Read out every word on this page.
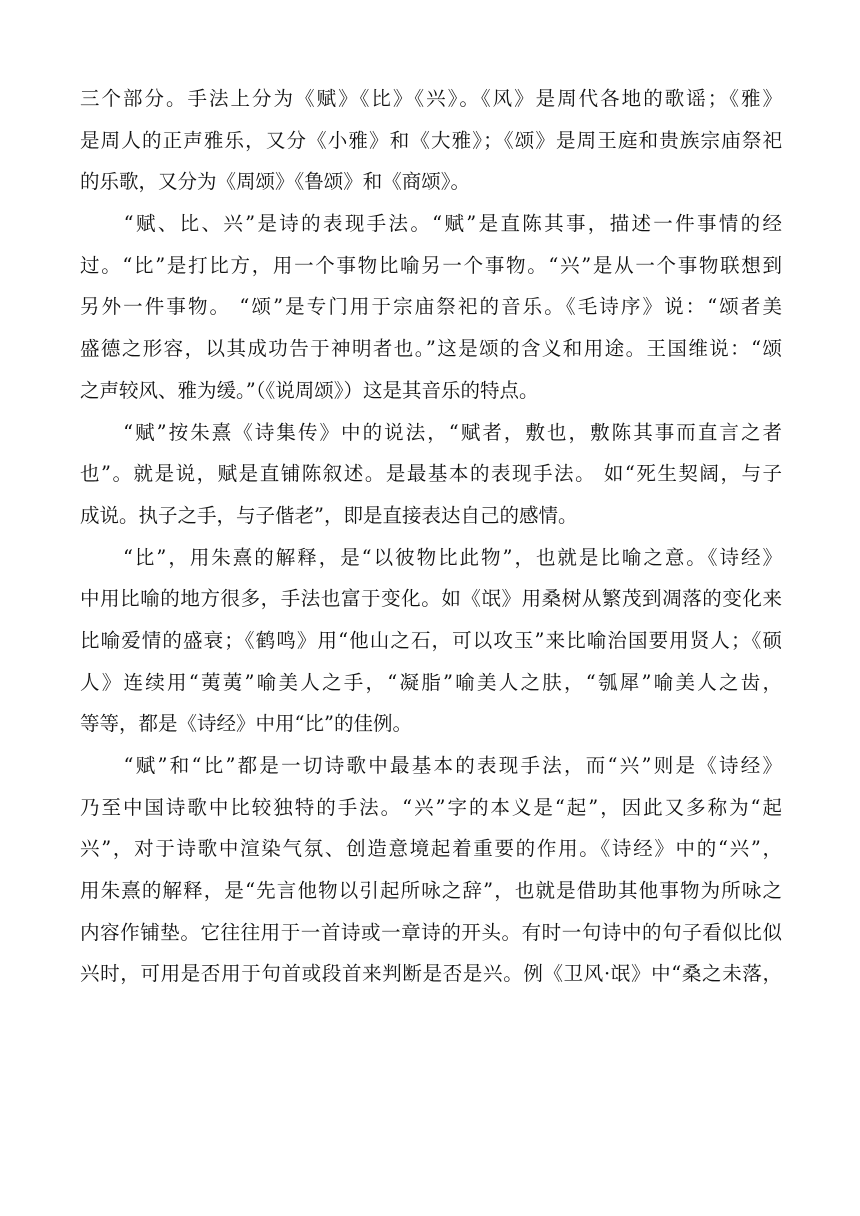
三个部分。手法上分为《赋》《比》《兴》。《风》是周代各地的歌谣；《雅》
是周人的正声雅乐，又分《小雅》和《大雅》；《颂》是周王庭和贵族宗庙祭祀
的乐歌，又分为《周颂》《鲁颂》和《商颂》。
　　“赋、比、兴”是诗的表现手法。“赋”是直陈其事，描述一件事情的经
过。“比”是打比方，用一个事物比喻另一个事物。“兴”是从一个事物联想到
另外一件事物。 “颂”是专门用于宗庙祭祀的音乐。《毛诗序》说：“颂者美
盛德之形容，以其成功告于神明者也。”这是颂的含义和用途。王国维说：“颂
之声较风、雅为缓。”（《说周颂》）这是其音乐的特点。
　　“赋”按朱熹《诗集传》中的说法，“赋者，敷也，敷陈其事而直言之者
也”。就是说，赋是直铺陈叙述。是最基本的表现手法。 如“死生契阔，与子
成说。执子之手，与子偕老”，即是直接表达自己的感情。
　　“比”，用朱熹的解释，是“以彼物比此物”，也就是比喻之意。《诗经》
中用比喻的地方很多，手法也富于变化。如《氓》用桑树从繁茂到凋落的变化来
比喻爱情的盛衰；《鹤鸣》用“他山之石，可以攻玉”来比喻治国要用贤人；《硕
人》连续用“荑荑”喻美人之手，“凝脂”喻美人之肤，“瓠犀”喻美人之齿，
等等，都是《诗经》中用“比”的佳例。
　　“赋”和“比”都是一切诗歌中最基本的表现手法，而“兴”则是《诗经》
乃至中国诗歌中比较独特的手法。“兴”字的本义是“起”，因此又多称为“起
兴”，对于诗歌中渲染气氛、创造意境起着重要的作用。《诗经》中的“兴”，
用朱熹的解释，是“先言他物以引起所咏之辞”，也就是借助其他事物为所咏之
内容作铺垫。它往往用于一首诗或一章诗的开头。有时一句诗中的句子看似比似
兴时，可用是否用于句首或段首来判断是否是兴。例《卫风·氓》中“桑之未落，
